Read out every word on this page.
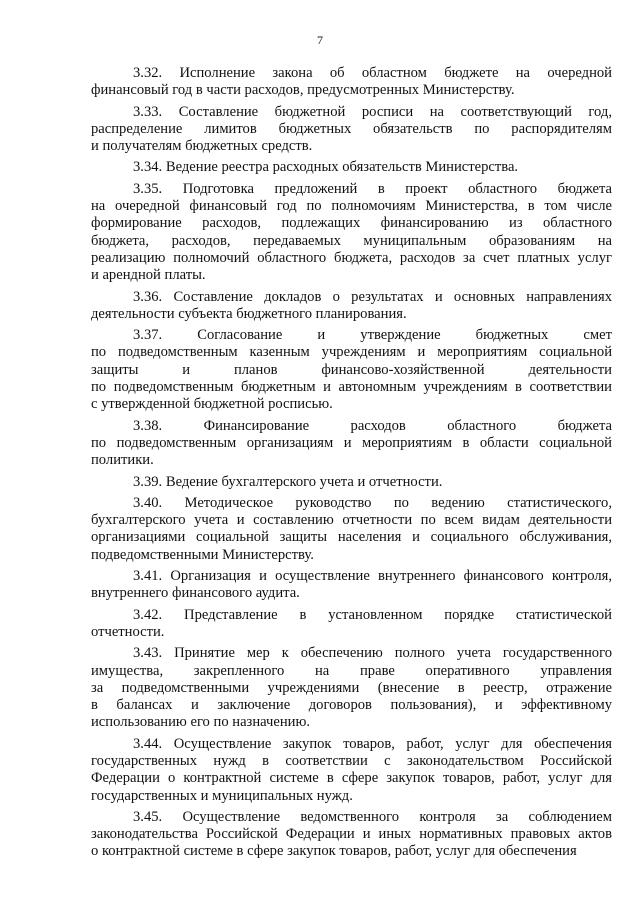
7
3.32. Исполнение закона об областном бюджете на очередной
финансовый год в части расходов, предусмотренных Министерству.
3.33. Составление бюджетной росписи на соответствующий год,
распределение лимитов бюджетных обязательств по распорядителям
и получателям бюджетных средств.
3.34. Ведение реестра расходных обязательств Министерства.
3.35. Подготовка предложений в проект областного бюджета
на очередной финансовый год по полномочиям Министерства, в том числе
формирование расходов, подлежащих финансированию из областного
бюджета, расходов, передаваемых муниципальным образованиям на
реализацию полномочий областного бюджета, расходов за счет платных услуг
и арендной платы.
3.36. Составление докладов о результатах и основных направлениях
деятельности субъекта бюджетного планирования.
3.37. Согласование и утверждение бюджетных смет
по подведомственным казенным учреждениям и мероприятиям социальной
защиты и планов финансово-хозяйственной деятельности
по подведомственным бюджетным и автономным учреждениям в соответствии
с утвержденной бюджетной росписью.
3.38. Финансирование расходов областного бюджета
по подведомственным организациям и мероприятиям в области социальной
политики.
3.39. Ведение бухгалтерского учета и отчетности.
3.40. Методическое руководство по ведению статистического,
бухгалтерского учета и составлению отчетности по всем видам деятельности
организациями социальной защиты населения и социального обслуживания,
подведомственными Министерству.
3.41. Организация и осуществление внутреннего финансового контроля,
внутреннего финансового аудита.
3.42. Представление в установленном порядке статистической
отчетности.
3.43. Принятие мер к обеспечению полного учета государственного
имущества, закрепленного на праве оперативного управления
за подведомственными учреждениями (внесение в реестр, отражение
в балансах и заключение договоров пользования), и эффективному
использованию его по назначению.
3.44. Осуществление закупок товаров, работ, услуг для обеспечения
государственных нужд в соответствии с законодательством Российской
Федерации о контрактной системе в сфере закупок товаров, работ, услуг для
государственных и муниципальных нужд.
3.45. Осуществление ведомственного контроля за соблюдением
законодательства Российской Федерации и иных нормативных правовых актов
о контрактной системе в сфере закупок товаров, работ, услуг для обеспечения
